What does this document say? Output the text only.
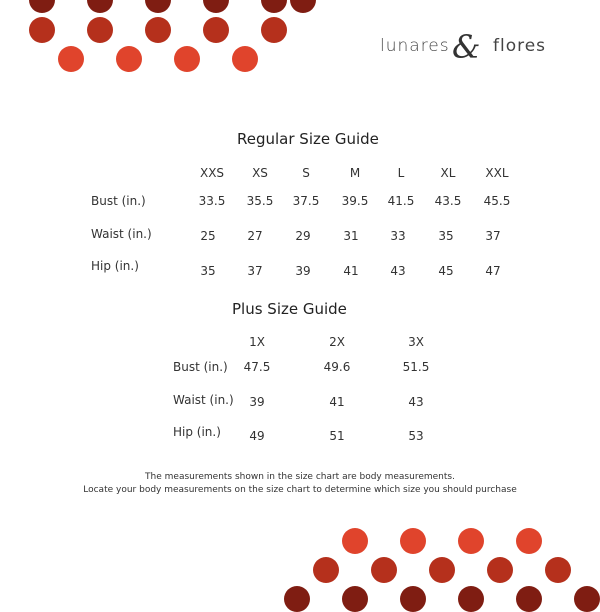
lunares & flores
Regular Size Guide
XXS	XS	S	M	L	XL	XXL
Bust (in.)	33.5	35.5	37.5	39.5	41.5	43.5	45.5
Waist (in.)	25	27	29	31	33	35	37
Hip (in.)	35	37	39	41	43	45	47
Plus Size Guide
1X	2X	3X
Bust (in.)	47.5	49.6	51.5
Waist (in.)	39	41	43
Hip (in.)	49	51	53
The measurements shown in the size chart are body measurements.
Locate your body measurements on the size chart to determine which size you should purchase
